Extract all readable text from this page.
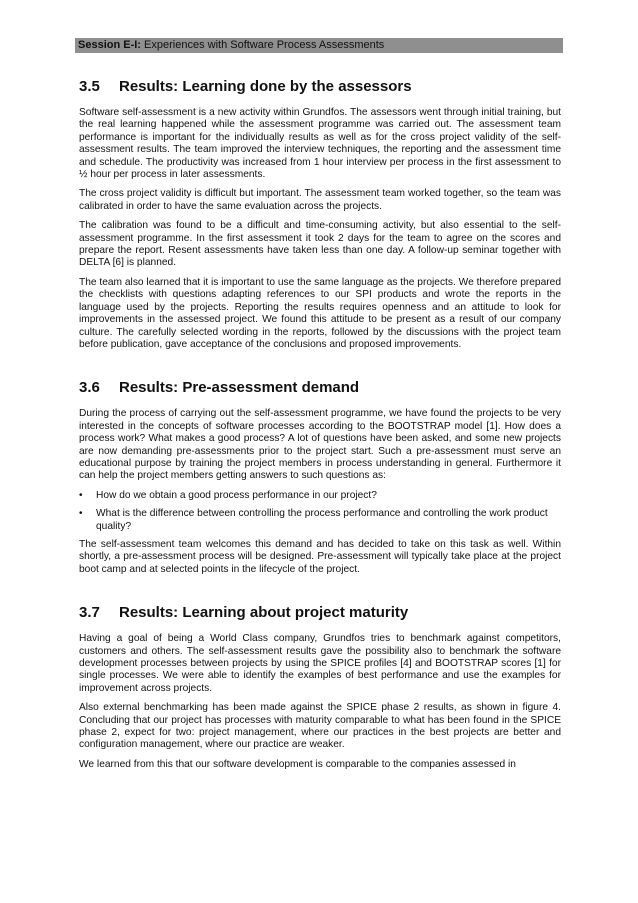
Session E-I: Experiences with Software Process Assessments
3.5	Results: Learning done by the assessors

Software self-assessment is a new activity within Grundfos. The assessors went through initial training, but the real learning happened while the assessment programme was carried out. The assessment team performance is important for the individually results as well as for the cross project validity of the self-assessment results. The team improved the interview techniques, the reporting and the assessment time and schedule. The productivity was increased from 1 hour interview per process in the first assessment to ½ hour per process in later assessments.

The cross project validity is difficult but important. The assessment team worked together, so the team was calibrated in order to have the same evaluation across the projects.

The calibration was found to be a difficult and time-consuming activity, but also essential to the self-assessment programme. In the first assessment it took 2 days for the team to agree on the scores and prepare the report. Resent assessments have taken less than one day. A follow-up seminar together with DELTA [6] is planned.

The team also learned that it is important to use the same language as the projects. We therefore prepared the checklists with questions adapting references to our SPI products and wrote the reports in the language used by the projects. Reporting the results requires openness and an attitude to look for improvements in the assessed project. We found this attitude to be present as a result of our company culture. The carefully selected wording in the reports, followed by the discussions with the project team before publication, gave acceptance of the conclusions and proposed improvements.

3.6	Results: Pre-assessment demand

During the process of carrying out the self-assessment programme, we have found the projects to be very interested in the concepts of software processes according to the BOOTSTRAP model [1]. How does a process work? What makes a good process? A lot of questions have been asked, and some new projects are now demanding pre-assessments prior to the project start. Such a pre-assessment must serve an educational purpose by training the project members in process understanding in general. Furthermore it can help the project members getting answers to such questions as:

•	How do we obtain a good process performance in our project?
•	What is the difference between controlling the process performance and controlling the work product quality?

The self-assessment team welcomes this demand and has decided to take on this task as well. Within shortly, a pre-assessment process will be designed. Pre-assessment will typically take place at the project boot camp and at selected points in the lifecycle of the project.

3.7	Results: Learning about project maturity

Having a goal of being a World Class company, Grundfos tries to benchmark against competitors, customers and others. The self-assessment results gave the possibility also to benchmark the software development processes between projects by using the SPICE profiles [4] and BOOTSTRAP scores [1] for single processes. We were able to identify the examples of best performance and use the examples for improvement across projects.

Also external benchmarking has been made against the SPICE phase 2 results, as shown in figure 4. Concluding that our project has processes with maturity comparable to what has been found in the SPICE phase 2, expect for two: project management, where our practices in the best projects are better and configuration management, where our practice are weaker.

We learned from this that our software development is comparable to the companies assessed in
